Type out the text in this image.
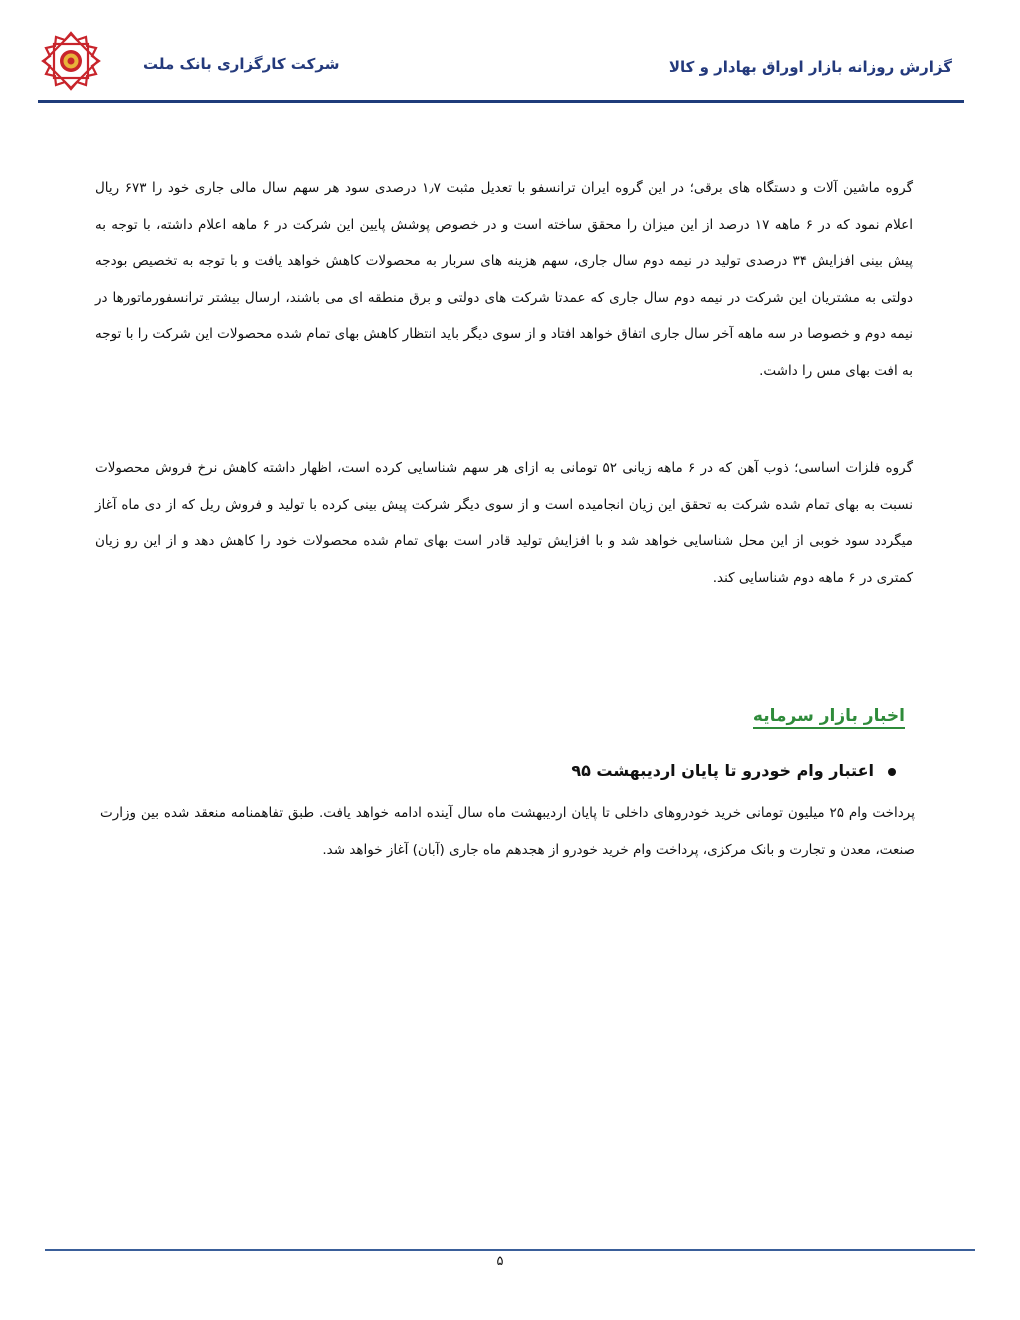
گزارش روزانه بازار اوراق بهادار و کالا
شرکت کارگزاری بانک ملت
گروه ماشین آلات و دستگاه های برقی؛ در این گروه ایران ترانسفو با تعدیل مثبت ۱٫۷ درصدی سود هر سهم سال مالی جاری خود را ۶۷۳ ریال اعلام نمود که در ۶ ماهه ۱۷ درصد از این میزان را محقق ساخته است و در خصوص پوشش پایین این شرکت در ۶ ماهه اعلام داشته، با توجه به پیش بینی افزایش ۳۴ درصدی تولید در نیمه دوم سال جاری، سهم هزینه های سربار به محصولات کاهش خواهد یافت و با توجه به تخصیص بودجه دولتی به مشتریان این شرکت در نیمه دوم سال جاری که عمدتا شرکت های دولتی و برق منطقه ای می باشند، ارسال بیشتر ترانسفورماتورها در نیمه دوم و خصوصا در سه ماهه آخر سال جاری اتفاق خواهد افتاد و از سوی دیگر باید انتظار کاهش بهای تمام شده محصولات این شرکت را با توجه به افت بهای مس را داشت.
گروه فلزات اساسی؛ ذوب آهن که در ۶ ماهه زیانی ۵۲ تومانی به ازای هر سهم شناسایی کرده است، اظهار داشته کاهش نرخ فروش محصولات نسبت به بهای تمام شده شرکت به تحقق این زیان انجامیده است و از سوی دیگر شرکت پیش بینی کرده با تولید و فروش ریل که از دی ماه آغاز میگردد سود خوبی از این محل شناسایی خواهد شد و با افزایش تولید قادر است بهای تمام شده محصولات خود را کاهش دهد و از این رو زیان کمتری در ۶ ماهه دوم شناسایی کند.
اخبار بازار سرمایه
اعتبار وام خودرو تا پایان اردیبهشت ۹۵
پرداخت وام ۲۵ میلیون تومانی خرید خودروهای داخلی تا پایان اردیبهشت ماه سال آینده ادامه خواهد یافت. طبق تفاهمنامه منعقد شده بین وزارت صنعت، معدن و تجارت و بانک مرکزی، پرداخت وام خرید خودرو از هجدهم ماه جاری (آبان) آغاز خواهد شد.
۵
